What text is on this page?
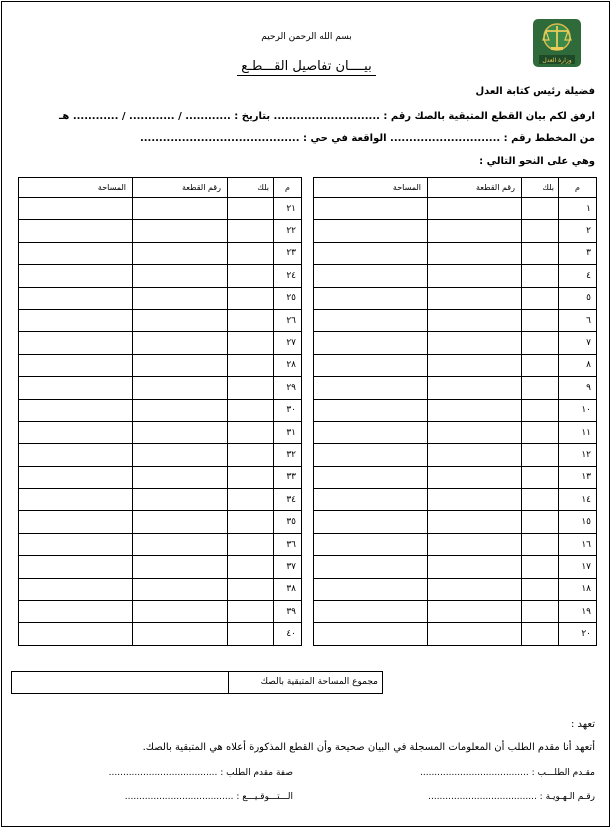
وزارة العدل
بسم الله الرحمن الرحيم
بيــــان تفاصيل القـــطـع
فضيلة رئيس كتابة العدل
ارفق لكم بيان القطع المتبقية بالصك رقم : ............................ بتاريخ : ............ / ............ / ............ هـ
من المخطط رقم : ............................. الواقعة في حي : ..........................................
وهي على النحو التالي :
م	بلك	رقم القطعة	المساحة
١			
٢			
٣			
٤			
٥			
٦			
٧			
٨			
٩			
١٠			
١١			
١٢			
١٣			
١٤			
١٥			
١٦			
١٧			
١٨			
١٩			
٢٠			
م	بلك	رقم القطعة	المساحة
٢١			
٢٢			
٢٣			
٢٤			
٢٥			
٢٦			
٢٧			
٢٨			
٢٩			
٣٠			
٣١			
٣٢			
٣٣			
٣٤			
٣٥			
٣٦			
٣٧			
٣٨			
٣٩			
٤٠			
مجموع المساحة المتبقية بالصك
تعهد :
أتعهد أنا مقدم الطلب أن المعلومات المسجلة في البيان صحيحة وأن القطع المذكورة أعلاه هي المتبقية بالصك.
مقـدم الطلـــب : ......................................
صفة مقدم الطلب : ......................................
رقـم الـهـويـة : ......................................
الـــتـــوقـيـــع : ......................................
